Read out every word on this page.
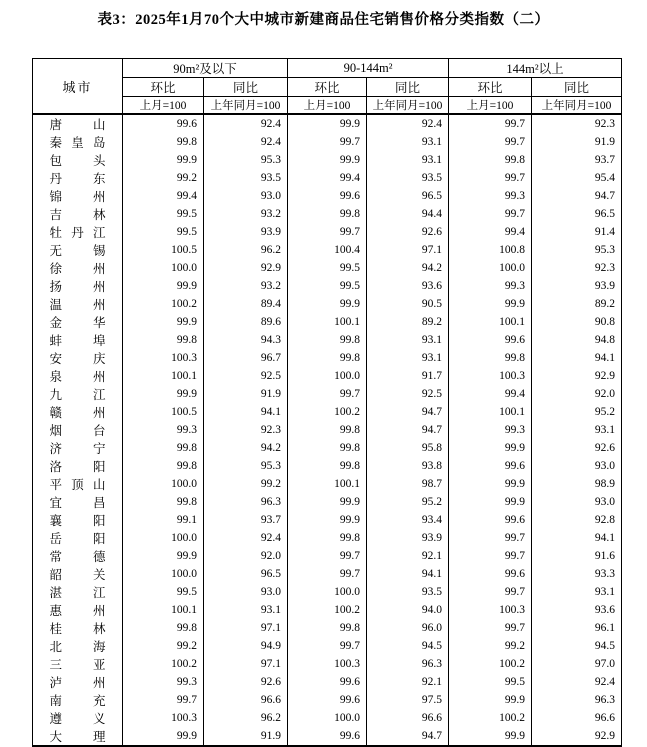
表3：2025年1月70个大中城市新建商品住宅销售价格分类指数（二）
城市	90m²及以下		90-144m²		144m²以上	
	环比	同比	环比	同比	环比	同比
	上月=100	上年同月=100	上月=100	上年同月=100	上月=100	上年同月=100

唐 山	99.6	92.4	99.9	92.4	99.7	92.3

秦 皇 岛	99.8	92.4	99.7	93.1	99.7	91.9

包 头	99.9	95.3	99.9	93.1	99.8	93.7

丹 东	99.2	93.5	99.4	93.5	99.7	95.4

锦 州	99.4	93.0	99.6	96.5	99.3	94.7

吉 林	99.5	93.2	99.8	94.4	99.7	96.5

牡 丹 江	99.5	93.9	99.7	92.6	99.4	91.4

无 锡	100.5	96.2	100.4	97.1	100.8	95.3

徐 州	100.0	92.9	99.5	94.2	100.0	92.3

扬 州	99.9	93.2	99.5	93.6	99.3	93.9

温 州	100.2	89.4	99.9	90.5	99.9	89.2

金 华	99.9	89.6	100.1	89.2	100.1	90.8

蚌 埠	99.8	94.3	99.8	93.1	99.6	94.8

安 庆	100.3	96.7	99.8	93.1	99.8	94.1

泉 州	100.1	92.5	100.0	91.7	100.3	92.9

九 江	99.9	91.9	99.7	92.5	99.4	92.0

赣 州	100.5	94.1	100.2	94.7	100.1	95.2

烟 台	99.3	92.3	99.8	94.7	99.3	93.1

济 宁	99.8	94.2	99.8	95.8	99.9	92.6

洛 阳	99.8	95.3	99.8	93.8	99.6	93.0

平 顶 山	100.0	99.2	100.1	98.7	99.9	98.9

宜 昌	99.8	96.3	99.9	95.2	99.9	93.0

襄 阳	99.1	93.7	99.9	93.4	99.6	92.8

岳 阳	100.0	92.4	99.8	93.9	99.7	94.1

常 德	99.9	92.0	99.7	92.1	99.7	91.6

韶 关	100.0	96.5	99.7	94.1	99.6	93.3

湛 江	99.5	93.0	100.0	93.5	99.7	93.1

惠 州	100.1	93.1	100.2	94.0	100.3	93.6

桂 林	99.8	97.1	99.8	96.0	99.7	96.1

北 海	99.2	94.9	99.7	94.5	99.2	94.5

三 亚	100.2	97.1	100.3	96.3	100.2	97.0

泸 州	99.3	92.6	99.6	92.1	99.5	92.4

南 充	99.7	96.6	99.6	97.5	99.9	96.3

遵 义	100.3	96.2	100.0	96.6	100.2	96.6

大 理	99.9	91.9	99.6	94.7	99.9	92.9
